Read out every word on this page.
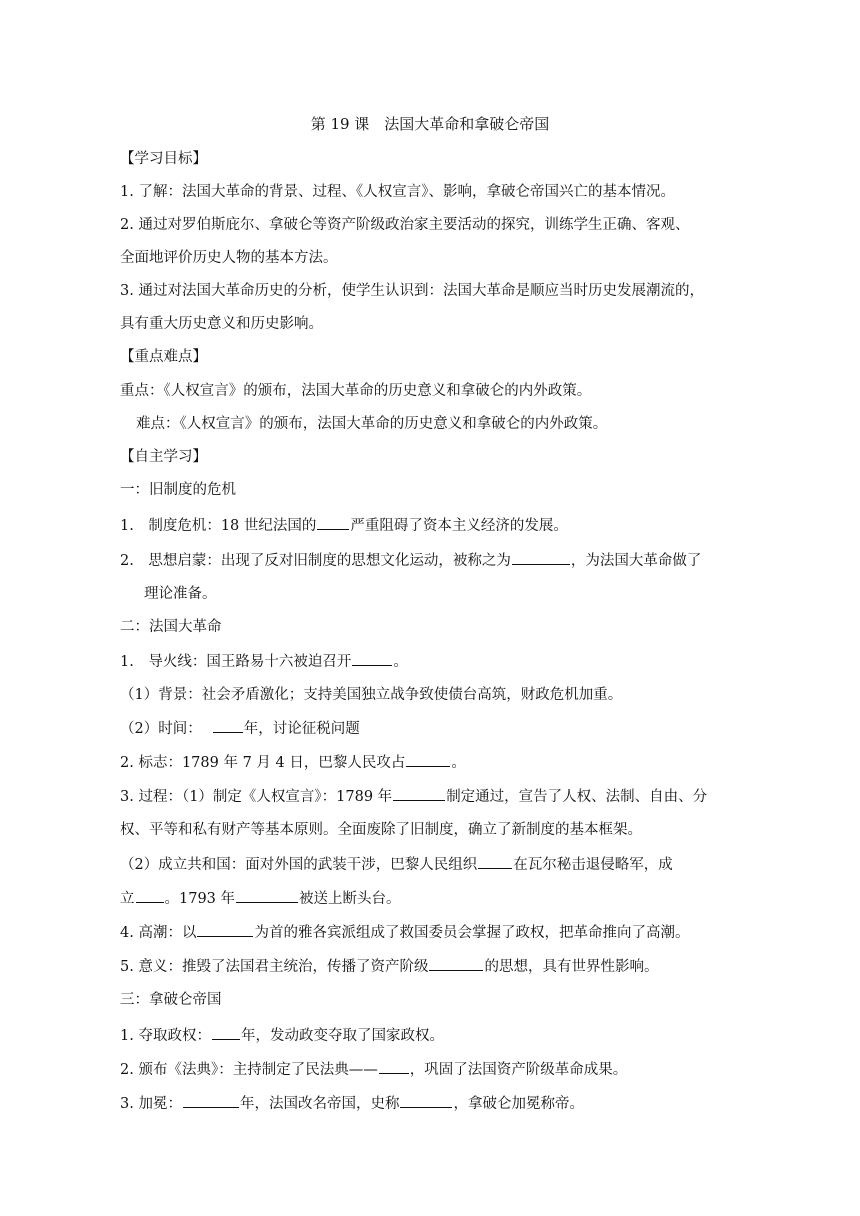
第 19 课　法国大革命和拿破仑帝国
【学习目标】
1. 了解：法国大革命的背景、过程、《人权宣言》、影响，拿破仑帝国兴亡的基本情况。
2. 通过对罗伯斯庇尔、拿破仑等资产阶级政治家主要活动的探究，训练学生正确、客观、
全面地评价历史人物的基本方法。
3. 通过对法国大革命历史的分析，使学生认识到：法国大革命是顺应当时历史发展潮流的，
具有重大历史意义和历史影响。
【重点难点】
重点：《人权宣言》的颁布，法国大革命的历史意义和拿破仑的内外政策。
难点：《人权宣言》的颁布，法国大革命的历史意义和拿破仑的内外政策。
【自主学习】
一：旧制度的危机
1.　制度危机：18 世纪法国的 严重阻碍了资本主义经济的发展。
2.　思想启蒙：出现了反对旧制度的思想文化运动，被称之为	，为法国大革命做了
理论准备。
二：法国大革命
1.　导火线：国王路易十六被迫召开	。
（1）背景：社会矛盾激化；支持美国独立战争致使债台高筑，财政危机加重。
（2）时间：	年，讨论征税问题
2. 标志：1789 年 7 月 4 日，巴黎人民攻占	。
3. 过程：（1）制定《人权宣言》：1789 年	制定通过，宣告了人权、法制、自由、分
权、平等和私有财产等基本原则。全面废除了旧制度，确立了新制度的基本框架。
（2）成立共和国：面对外国的武装干涉，巴黎人民组织 在瓦尔秘击退侵略军，成
立 。1793 年	被送上断头台。
4. 高潮：以	为首的雅各宾派组成了救国委员会掌握了政权，把革命推向了高潮。
5. 意义：推毁了法国君主统治，传播了资产阶级	的思想，具有世界性影响。
三：拿破仑帝国
1. 夺取政权： 年，发动政变夺取了国家政权。
2. 颁布《法典》：主持制定了民法典—— ，巩固了法国资产阶级革命成果。
3. 加冕：	年，法国改名帝国，史称	，拿破仑加冕称帝。
